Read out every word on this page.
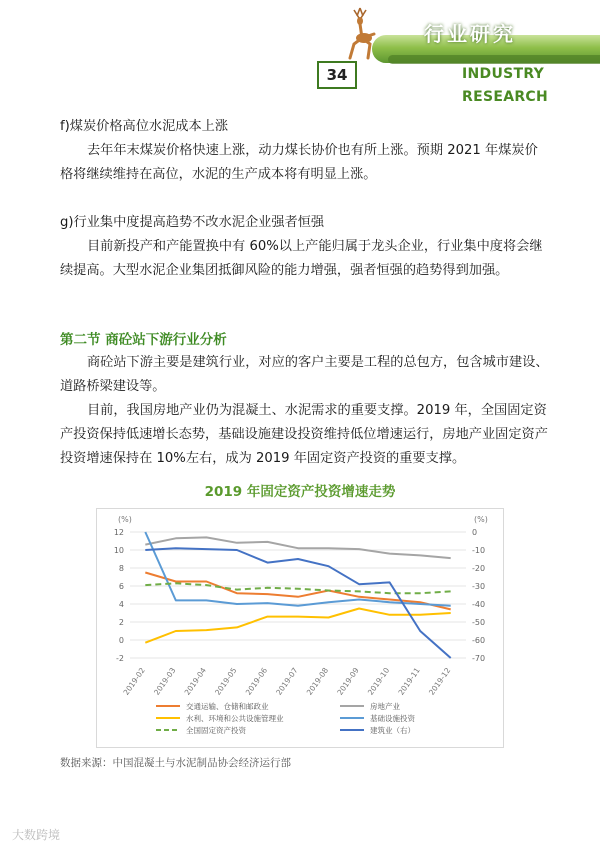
行业研究
34	INDUSTRY
RESEARCH
f)煤炭价格高位水泥成本上涨
去年年末煤炭价格快速上涨，动力煤长协价也有所上涨。预期 2021 年煤炭价格将继续维持在高位，水泥的生产成本将有明显上涨。
g)行业集中度提高趋势不改水泥企业强者恒强
目前新投产和产能置换中有 60%以上产能归属于龙头企业，行业集中度将会继续提高。大型水泥企业集团抵御风险的能力增强，强者恒强的趋势得到加强。
第二节 商砼站下游行业分析
商砼站下游主要是建筑行业，对应的客户主要是工程的总包方，包含城市建设、道路桥梁建设等。
目前，我国房地产业仍为混凝土、水泥需求的重要支撑。2019 年，全国固定资产投资保持低速增长态势，基础设施建设投资维持低位增速运行，房地产业固定资产投资增速保持在 10%左右，成为 2019 年固定资产投资的重要支撑。
2019 年固定资产投资增速走势
12
10
8
6
4
2
0
-2
0
-10
-20
-30
-40
-50
-60
-70
2019-02 2019-03 2019-04 2019-05 2019-06 2019-07 2019-08 2019-09 2019-10 2019-11 2019-12
(%)	(%)
交通运输、仓储和邮政业	房地产业
水利、环境和公共设施管理业	基础设施投资
全国固定资产投资	建筑业（右）
数据来源：中国混凝土与水泥制品协会经济运行部
大数跨境
